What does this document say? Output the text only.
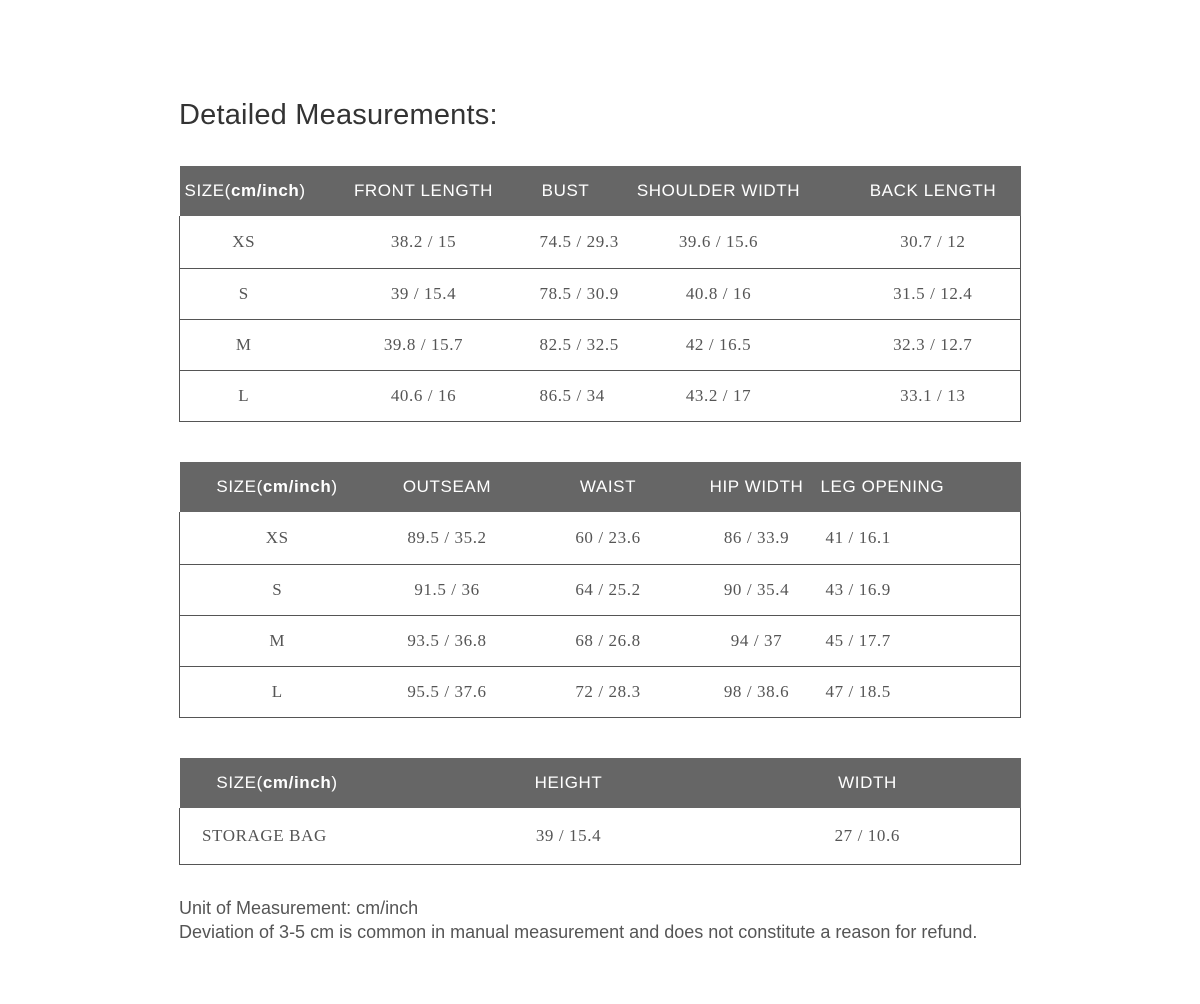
Detailed Measurements:
SIZE(cm/inch)	FRONT LENGTH	BUST	SHOULDER WIDTH	BACK LENGTH
XS	38.2 / 15	74.5 / 29.3	39.6 / 15.6	30.7 / 12
S	39 / 15.4	78.5 / 30.9	40.8 / 16	31.5 / 12.4
M	39.8 / 15.7	82.5 / 32.5	42 / 16.5	32.3 / 12.7
L	40.6 / 16	86.5 / 34	43.2 / 17	33.1 / 13
SIZE(cm/inch)	OUTSEAM	WAIST	HIP WIDTH	LEG OPENING
XS	89.5 / 35.2	60 / 23.6	86 / 33.9	41 / 16.1
S	91.5 / 36	64 / 25.2	90 / 35.4	43 / 16.9
M	93.5 / 36.8	68 / 26.8	94 / 37	45 / 17.7
L	95.5 / 37.6	72 / 28.3	98 / 38.6	47 / 18.5
SIZE(cm/inch)	HEIGHT	WIDTH
STORAGE BAG	39 / 15.4	27 / 10.6

Unit of Measurement: cm/inch

Deviation of 3-5 cm is common in manual measurement and does not constitute a reason for refund.
